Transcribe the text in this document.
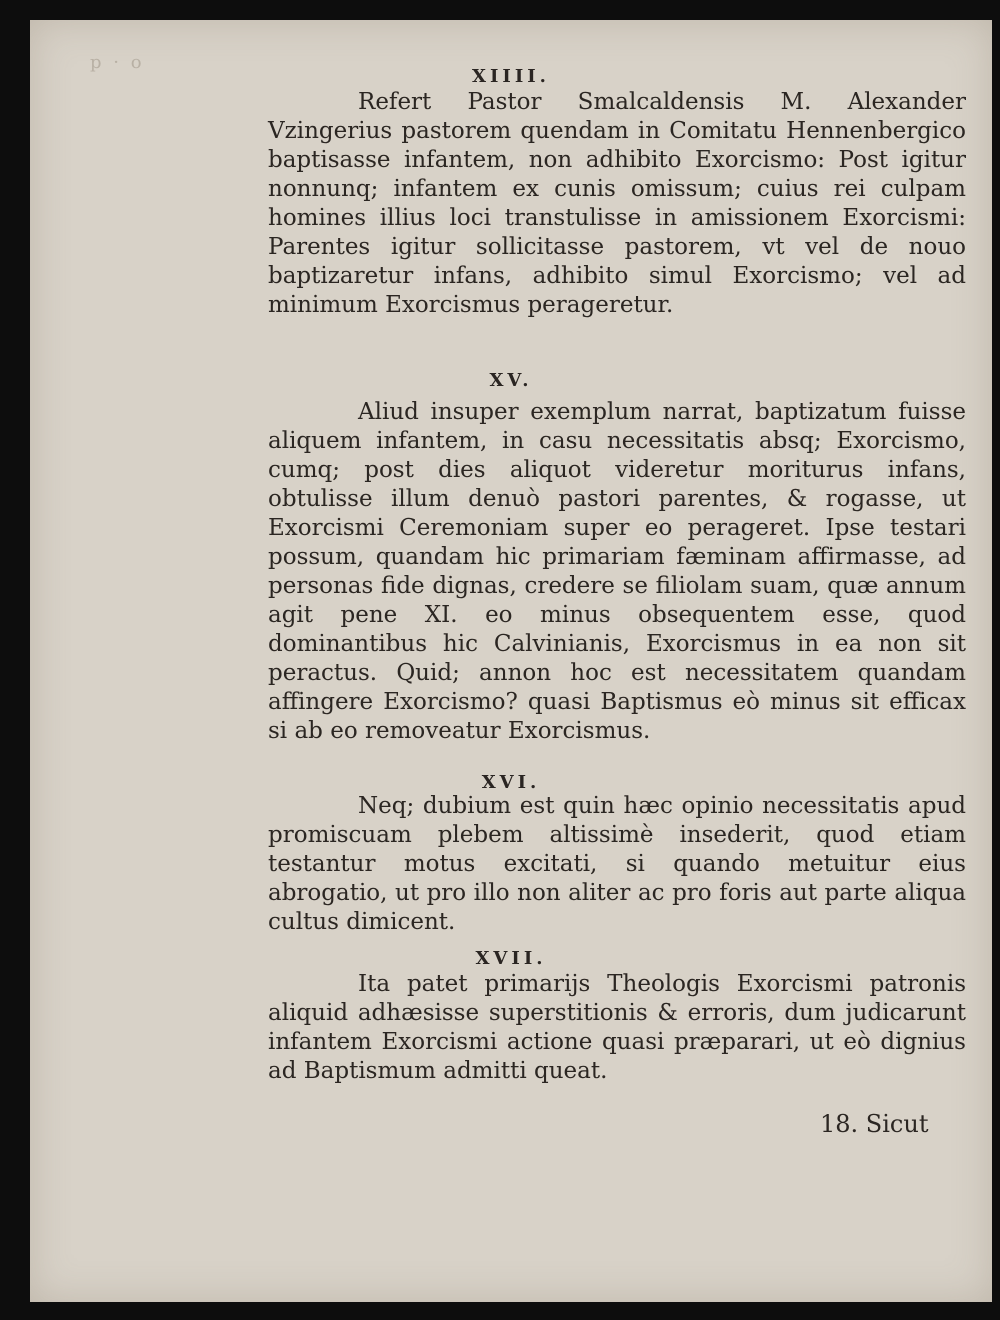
p · o
XIIII.

Refert Pastor Smalcaldensis M. Alexander Vzingerius pastorem quendam in Comitatu Hennenbergico baptisasse infantem, non adhibito Exorcismo: Post igitur nonnunq; infantem ex cunis omissum; cuius rei culpam homines illius loci transtulisse in amissionem Exorcismi: Parentes igitur sollicitasse pastorem, vt vel de nouo baptizaretur infans, adhibito simul Exorcismo; vel ad minimum Exorcismus perageretur.

XV.

Aliud insuper exemplum narrat, baptizatum fuisse aliquem infantem, in casu necessitatis absq; Exorcismo, cumq; post dies aliquot videretur moriturus infans, obtulisse illum denuò pastori parentes, & rogasse, ut Exorcismi Ceremoniam super eo perageret. Ipse testari possum, quandam hic primariam fæminam affirmasse, ad personas fide dignas, credere se filiolam suam, quæ annum agit pene XI. eo minus obsequentem esse, quod dominantibus hic Calvinianis, Exorcismus in ea non sit peractus. Quid; annon hoc est necessitatem quandam affingere Exorcismo? quasi Baptismus eò minus sit efficax si ab eo removeatur Exorcismus.

XVI.

Neq; dubium est quin hæc opinio necessitatis apud promiscuam plebem altissimè insederit, quod etiam testantur motus excitati, si quando metuitur eius abrogatio, ut pro illo non aliter ac pro foris aut parte aliqua cultus dimicent.

XVII.

Ita patet primarijs Theologis Exorcismi patronis aliquid adhæsisse superstitionis & erroris, dum judicarunt infantem Exorcismi actione quasi præparari, ut eò dignius ad Baptismum admitti queat.

18. Sicut
